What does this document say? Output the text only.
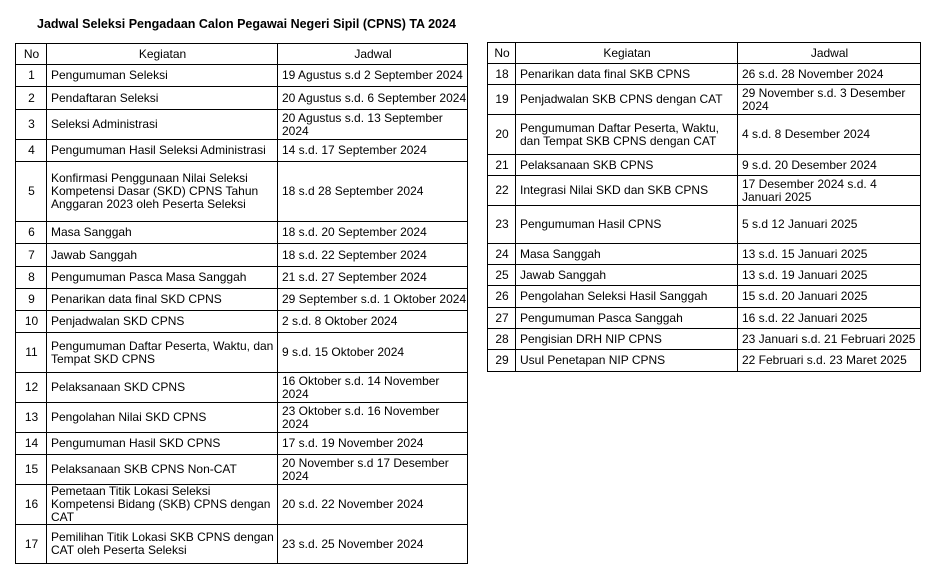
Jadwal Seleksi Pengadaan Calon Pegawai Negeri Sipil (CPNS) TA 2024
No	Kegiatan	Jadwal
1	Pengumuman Seleksi	19 Agustus s.d 2 September 2024
2	Pendaftaran Seleksi	20 Agustus s.d. 6 September 2024
3	Seleksi Administrasi	20 Agustus s.d. 13 September 2024
4	Pengumuman Hasil Seleksi Administrasi	14 s.d. 17 September 2024
5	Konfirmasi Penggunaan Nilai Seleksi Kompetensi Dasar (SKD) CPNS Tahun Anggaran 2023 oleh Peserta Seleksi	18 s.d 28 September 2024
6	Masa Sanggah	18 s.d. 20 September 2024
7	Jawab Sanggah	18 s.d. 22 September 2024
8	Pengumuman Pasca Masa Sanggah	21 s.d. 27 September 2024
9	Penarikan data final SKD CPNS	29 September s.d. 1 Oktober 2024
10	Penjadwalan SKD CPNS	2 s.d. 8 Oktober 2024
11	Pengumuman Daftar Peserta, Waktu, dan Tempat SKD CPNS	9 s.d. 15 Oktober 2024
12	Pelaksanaan SKD CPNS	16 Oktober s.d. 14 November 2024
13	Pengolahan Nilai SKD CPNS	23 Oktober s.d. 16 November 2024
14	Pengumuman Hasil SKD CPNS	17 s.d. 19 November 2024
15	Pelaksanaan SKB CPNS Non-CAT	20 November s.d 17 Desember 2024
16	Pemetaan Titik Lokasi Seleksi Kompetensi Bidang (SKB) CPNS dengan CAT	20 s.d. 22 November 2024
17	Pemilihan Titik Lokasi SKB CPNS dengan CAT oleh Peserta Seleksi	23 s.d. 25 November 2024
No	Kegiatan	Jadwal
18	Penarikan data final SKB CPNS	26 s.d. 28 November 2024
19	Penjadwalan SKB CPNS dengan CAT	29 November s.d. 3 Desember 2024
20	Pengumuman Daftar Peserta, Waktu, dan Tempat SKB CPNS dengan CAT	4 s.d. 8 Desember 2024
21	Pelaksanaan SKB CPNS	9 s.d. 20 Desember 2024
22	Integrasi Nilai SKD dan SKB CPNS	17 Desember 2024 s.d. 4 Januari 2025
23	Pengumuman Hasil CPNS	5 s.d 12 Januari 2025
24	Masa Sanggah	13 s.d. 15 Januari 2025
25	Jawab Sanggah	13 s.d. 19 Januari 2025
26	Pengolahan Seleksi Hasil Sanggah	15 s.d. 20 Januari 2025
27	Pengumuman Pasca Sanggah	16 s.d. 22 Januari 2025
28	Pengisian DRH NIP CPNS	23 Januari s.d. 21 Februari 2025
29	Usul Penetapan NIP CPNS	22 Februari s.d. 23 Maret 2025
